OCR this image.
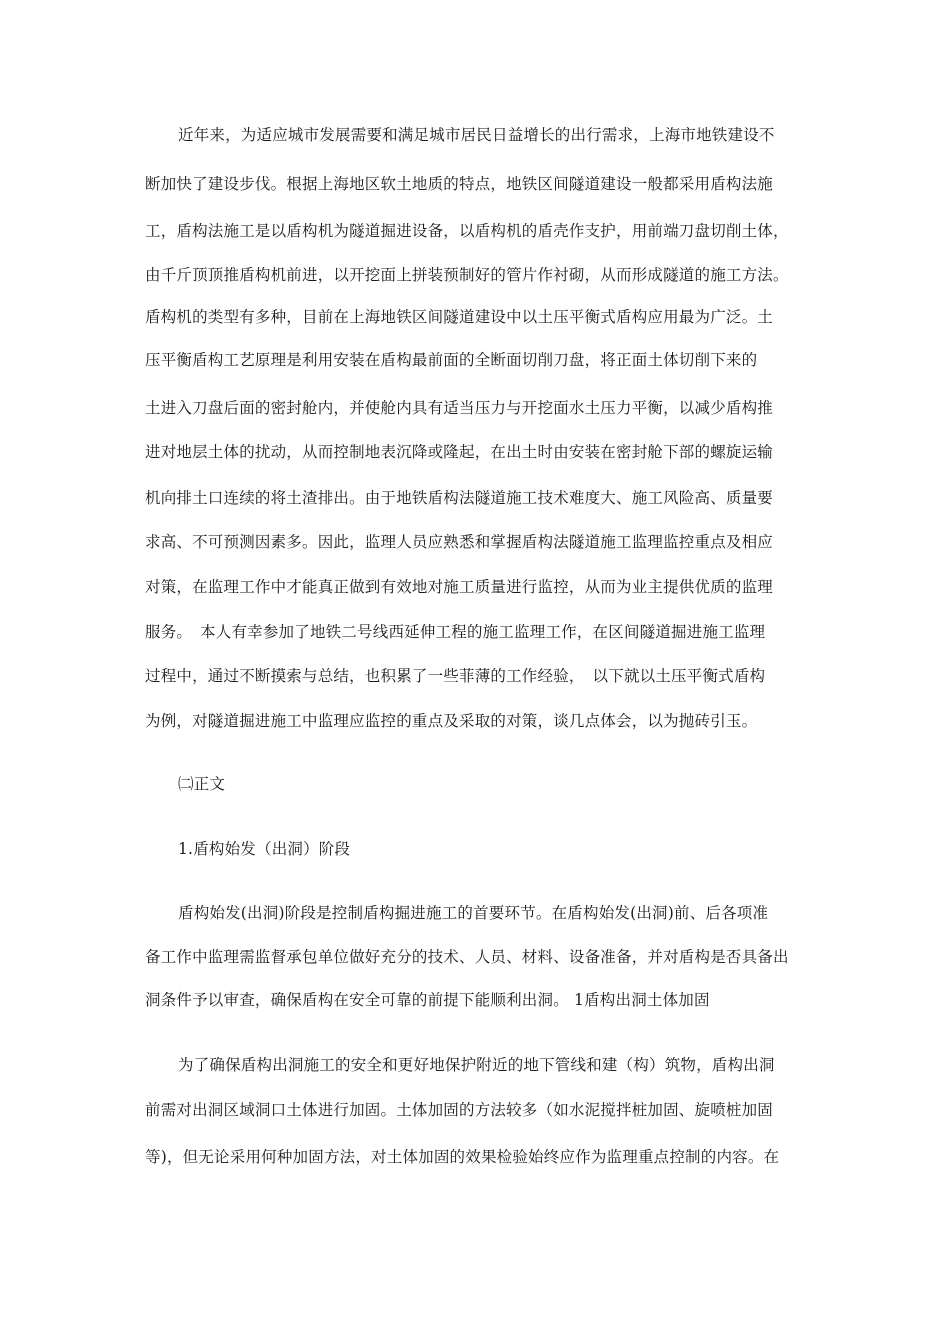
近年来，为适应城市发展需要和满足城市居民日益增长的出行需求，上海市地铁建设不
断加快了建设步伐。根据上海地区软土地质的特点，地铁区间隧道建设一般都采用盾构法施
工，盾构法施工是以盾构机为隧道掘进设备，以盾构机的盾壳作支护，用前端刀盘切削土体，
由千斤顶顶推盾构机前进，以开挖面上拼装预制好的管片作衬砌，从而形成隧道的施工方法。
盾构机的类型有多种，目前在上海地铁区间隧道建设中以土压平衡式盾构应用最为广泛。土
压平衡盾构工艺原理是利用安装在盾构最前面的全断面切削刀盘，将正面土体切削下来的
土进入刀盘后面的密封舱内，并使舱内具有适当压力与开挖面水土压力平衡，以减少盾构推
进对地层土体的扰动，从而控制地表沉降或隆起，在出土时由安装在密封舱下部的螺旋运输
机向排土口连续的将土渣排出。由于地铁盾构法隧道施工技术难度大、施工风险高、质量要
求高、不可预测因素多。因此，监理人员应熟悉和掌握盾构法隧道施工监理监控重点及相应
对策，在监理工作中才能真正做到有效地对施工质量进行监控，从而为业主提供优质的监理
服务。　本人有幸参加了地铁二号线西延伸工程的施工监理工作，在区间隧道掘进施工监理
过程中，通过不断摸索与总结，也积累了一些菲薄的工作经验，　以下就以土压平衡式盾构
为例，对隧道掘进施工中监理应监控的重点及采取的对策，谈几点体会，以为抛砖引玉。
㈡正文
1.盾构始发（出洞）阶段
盾构始发(出洞)阶段是控制盾构掘进施工的首要环节。在盾构始发(出洞)前、后各项准
备工作中监理需监督承包单位做好充分的技术、人员、材料、设备准备，并对盾构是否具备出
洞条件予以审查，确保盾构在安全可靠的前提下能顺利出洞。 1盾构出洞土体加固
为了确保盾构出洞施工的安全和更好地保护附近的地下管线和建（构）筑物，盾构出洞
前需对出洞区域洞口土体进行加固。土体加固的方法较多（如水泥搅拌桩加固、旋喷桩加固
等)，但无论采用何种加固方法，对土体加固的效果检验始终应作为监理重点控制的内容。在
